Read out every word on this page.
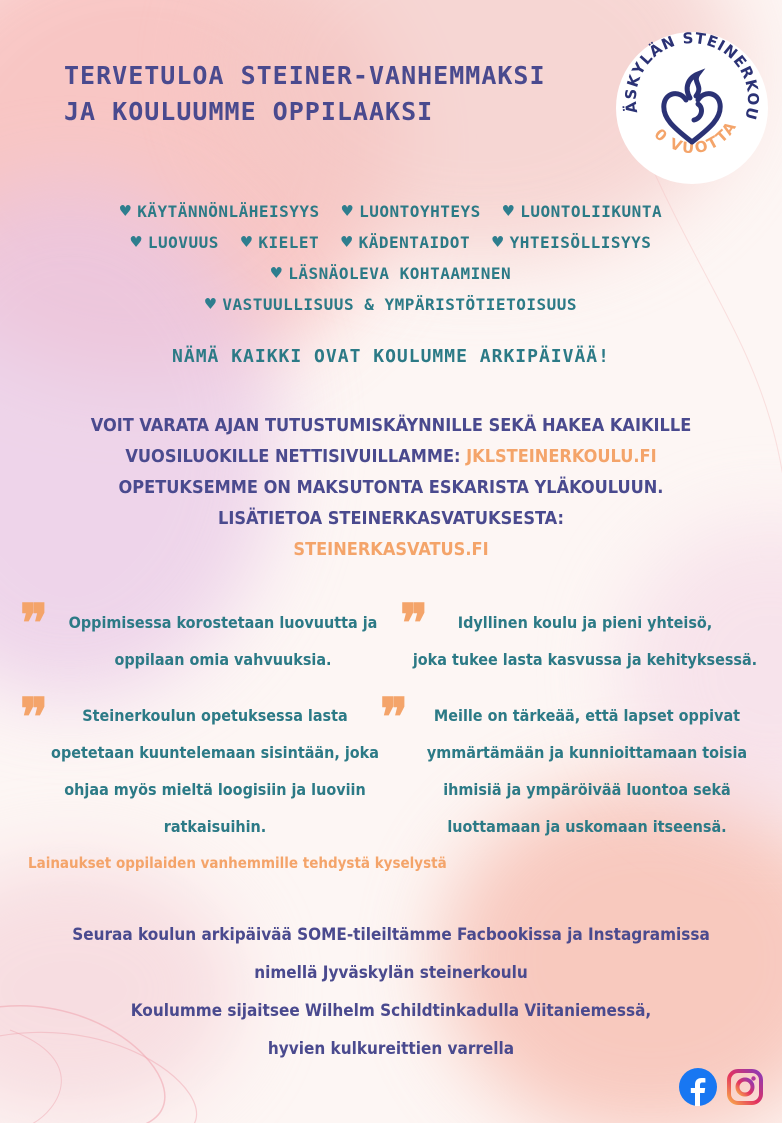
TERVETULOA STEINER-VANHEMMAKSI
JA KOULUUMME OPPILAAKSI	ÄSKYLÄN STEINERKOU
0 VUOTTA
♥ KÄYTÄNNÖNLÄHEISYYS ♥ LUONTOYHTEYS ♥ LUONTOLIIKUNTA
♥ LUOVUUS ♥ KIELET ♥ KÄDENTAIDOT ♥ YHTEISÖLLISYYS
♥ LÄSNÄOLEVA KOHTAAMINEN
♥ VASTUULLISUUS & YMPÄRISTÖTIETOISUUS
NÄMÄ KAIKKI OVAT KOULUMME ARKIPÄIVÄÄ!
VOIT VARATA AJAN TUTUSTUMISKÄYNNILLE SEKÄ HAKEA KAIKILLE
VUOSILUOKILLE NETTISIVUILLAMME: JKLSTEINERKOULU.FI
OPETUKSEMME ON MAKSUTONTA ESKARISTA YLÄKOULUUN.
LISÄTIETOA STEINERKASVATUKSESTA:
STEINERKASVATUS.FI
❞	Oppimisessa korostetaan luovuutta ja
oppilaan omia vahvuuksia.
❞	Idyllinen koulu ja pieni yhteisö,
joka tukee lasta kasvussa ja kehityksessä.
❞	Steinerkoulun opetuksessa lasta
opetetaan kuuntelemaan sisintään, joka
ohjaa myös mieltä loogisiin ja luoviin
ratkaisuihin.
❞	Meille on tärkeää, että lapset oppivat
ymmärtämään ja kunnioittamaan toisia
ihmisiä ja ympäröivää luontoa sekä
luottamaan ja uskomaan itseensä.
Lainaukset oppilaiden vanhemmille tehdystä kyselystä
Seuraa koulun arkipäivää SOME-tileiltämme Facbookissa ja Instagramissa
nimellä Jyväskylän steinerkoulu
Koulumme sijaitsee Wilhelm Schildtinkadulla Viitaniemessä,
hyvien kulkureittien varrella
